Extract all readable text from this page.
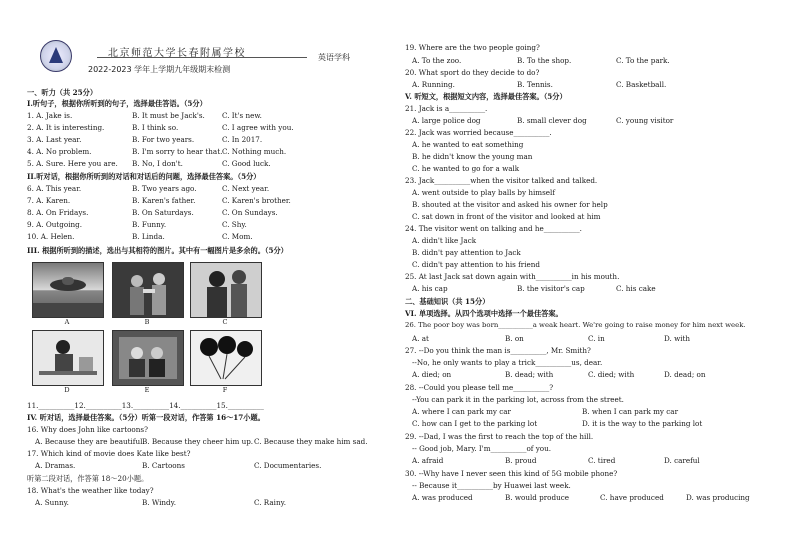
北京师范大学长春附属学校	英语学科
2022-2023 学年上学期九年级期末检测
一、听力（共 25分）
I.听句子，根据你所听到的句子，选择最佳答语。（5分）
1. A. Jake is.	B. It must be Jack's. C. It's new.
2. A. It is interesting.	B. I think so.	C. I agree with you.
3. A. Last year.	B. For two years.	C. In 2017.
4. A. No problem.	B. I'm sorry to hear that. C. Nothing much.
5. A. Sure. Here you are. B. No, I don't.	C. Good luck.
II.听对话，根据你所听到的对话和对话后的问题，选择最佳答案。（5分）
6. A. This year.	B. Two years ago.	C. Next year.
7. A. Karen.	B. Karen's father.	C. Karen's brother.
8. A. On Fridays.	B. On Saturdays.	C. On Sundays.
9. A. Outgoing.	B. Funny.	C. Shy.
10. A. Helen.	B. Linda.	C. Mom.
III. 根据所听到的描述，选出与其相符的图片。其中有一幅图片是多余的。（5分）
A	B	C
D	E	F
11.__________12.__________13.__________14.__________15.__________
IV. 听对话，选择最佳答案。（5分）听第一段对话，作答第 16～17小题。
16. Why does John like cartoons?
A. Because they are beautiful.
B. Because they cheer him up. C. Because they make him sad.
17. Which kind of movie does Kate like best?
A. Dramas.	B. Cartoons	C. Documentaries.
听第二段对话，作答第 18～20小题。
18. What's the weather like today?
A. Sunny.	B. Windy.	C. Rainy.
19. Where are the two people going?
A. To the zoo.	B. To the shop.	C. To the park.
20. What sport do they decide to do?
A. Running.	B. Tennis.	C. Basketball.
V. 听短文，根据短文内容，选择最佳答案。（5分）
21. Jack is a__________.
A. large police dog	B. small clever dog	C. young visitor
22. Jack was worried because__________.
A. he wanted to eat something
B. he didn't know the young man
C. he wanted to go for a walk
23. Jack__________when the visitor talked and talked.
A. went outside to play balls by himself
B. shouted at the visitor and asked his owner for help
C. sat down in front of the visitor and looked at him
24. The visitor went on talking and he__________.
A. didn't like Jack
B. didn't pay attention to Jack
C. didn't pay attention to his friend
25. At last Jack sat down again with__________in his mouth.
A. his cap	B. the visitor's cap	C. his cake
二、基础知识（共 15分）
VI. 单项选择。从四个选项中选择一个最佳答案。
26. The poor boy was born__________a weak heart. We're going to raise money for him next week.
A. at	B. on	C. in	D. with
27. --Do you think the man is__________, Mr. Smith?
--No, he only wants to play a trick__________us, dear.
A. died; on	B. dead; with	C. died; with	D. dead; on
28. --Could you please tell me__________?
--You can park it in the parking lot, across from the street.
A. where I can park my car	B. when I can park my car
C. how can I get to the parking lot	D. it is the way to the parking lot
29. --Dad, I was the first to reach the top of the hill.
-- Good job, Mary. I'm__________of you.
A. afraid	B. proud	C. tired	D. careful
30. --Why have I never seen this kind of 5G mobile phone?
-- Because it__________by Huawei last week.
A. was produced	B. would produce	C. have produced	D. was producing
